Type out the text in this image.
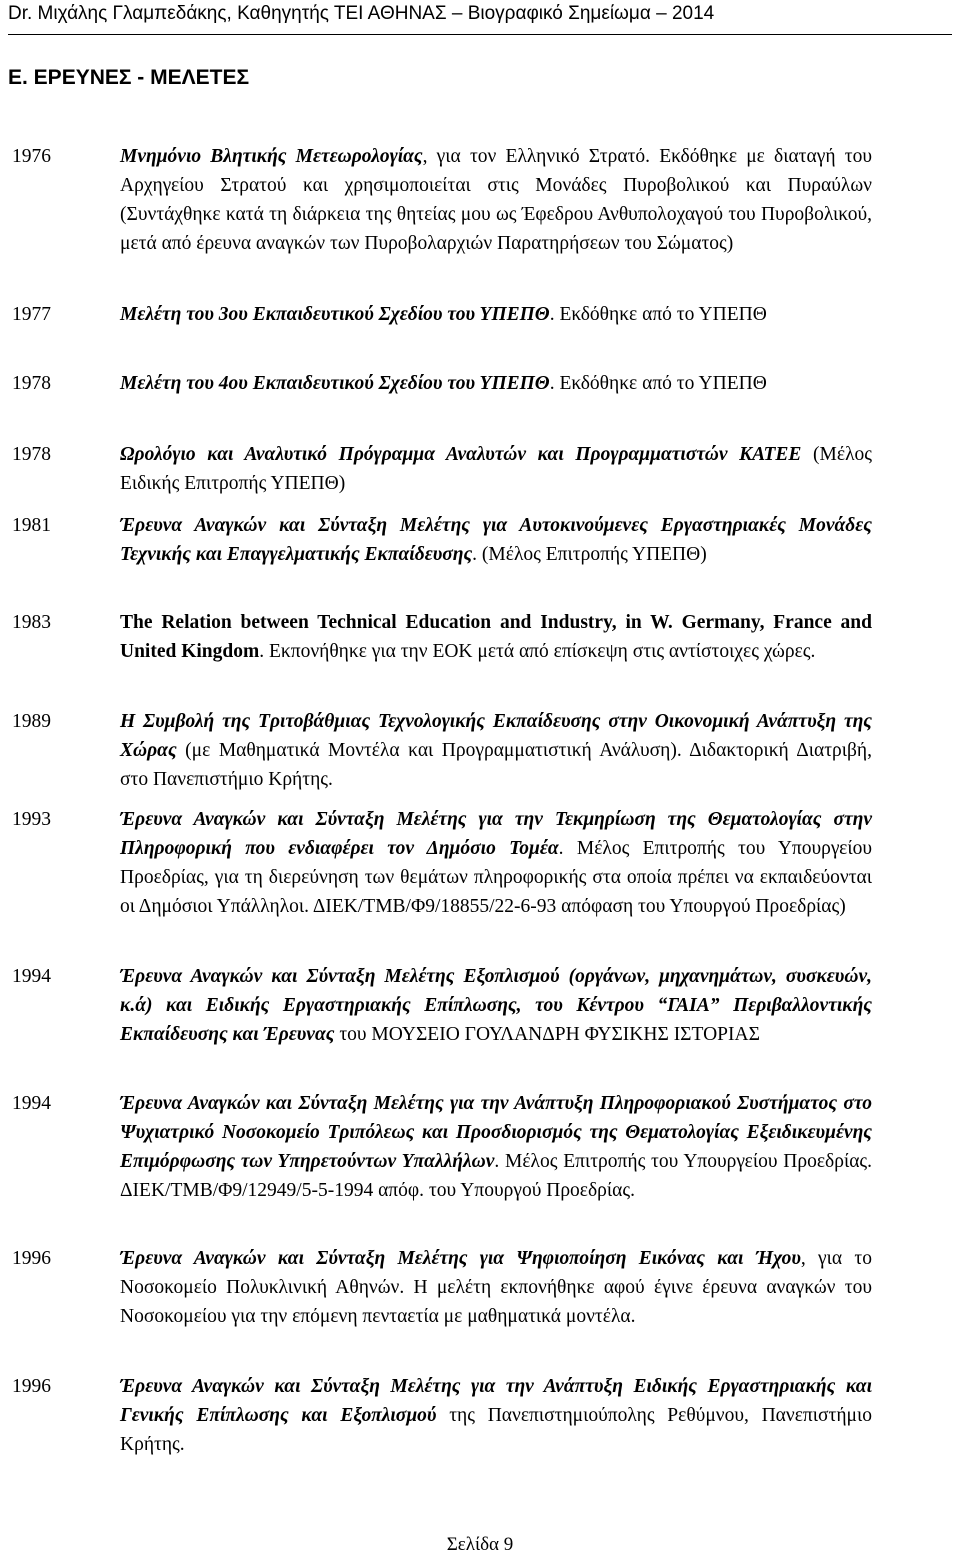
Dr. Μιχάλης Γλαμπεδάκης, Καθηγητής ΤΕΙ ΑΘΗΝΑΣ – Βιογραφικό Σημείωμα – 2014
Ε. ΕΡΕΥΝΕΣ - ΜΕΛΕΤΕΣ
1976	Μνημόνιο Βλητικής Μετεωρολογίας, για τον Ελληνικό Στρατό. Εκδόθηκε με διαταγή του Αρχηγείου Στρατού και χρησιμοποιείται στις Μονάδες Πυροβολικού και Πυραύλων (Συντάχθηκε κατά τη διάρκεια της θητείας μου ως Έφεδρου Ανθυπολοχαγού του Πυροβολικού, μετά από έρευνα αναγκών των Πυροβολαρχιών Παρατηρήσεων του Σώματος)
1977	Μελέτη του 3ου Εκπαιδευτικού Σχεδίου του ΥΠΕΠΘ. Εκδόθηκε από το ΥΠΕΠΘ
1978	Μελέτη του 4ου Εκπαιδευτικού Σχεδίου του ΥΠΕΠΘ. Εκδόθηκε από το ΥΠΕΠΘ
1978	Ωρολόγιο και Αναλυτικό Πρόγραμμα Αναλυτών και Προγραμματιστών ΚΑΤΕΕ (Μέλος Ειδικής Επιτροπής ΥΠΕΠΘ)
1981	Έρευνα Αναγκών και Σύνταξη Μελέτης για Αυτοκινούμενες Εργαστηριακές Μονάδες Τεχνικής και Επαγγελματικής Εκπαίδευσης. (Μέλος Επιτροπής ΥΠΕΠΘ)
1983	The Relation between Technical Education and Industry, in W. Germany, France and United Kingdom. Εκπονήθηκε για την ΕΟΚ μετά από επίσκεψη στις αντίστοιχες χώρες.
1989	Η Συμβολή της Τριτοβάθμιας Τεχνολογικής Εκπαίδευσης στην Οικονομική Ανάπτυξη της Χώρας (με Μαθηματικά Μοντέλα και Προγραμματιστική Ανάλυση). Διδακτορική Διατριβή, στο Πανεπιστήμιο Κρήτης.
1993	Έρευνα Αναγκών και Σύνταξη Μελέτης για την Τεκμηρίωση της Θεματολογίας στην Πληροφορική που ενδιαφέρει τον Δημόσιο Τομέα. Μέλος Επιτροπής του Υπουργείου Προεδρίας, για τη διερεύνηση των θεμάτων πληροφορικής στα οποία πρέπει να εκπαιδεύονται οι Δημόσιοι Υπάλληλοι. ΔΙΕΚ/ΤΜΒ/Φ9/18855/22-6-93 απόφαση του Υπουργού Προεδρίας)
1994	Έρευνα Αναγκών και Σύνταξη Μελέτης Εξοπλισμού (οργάνων, μηχανημάτων, συσκευών, κ.ά) και Ειδικής Εργαστηριακής Επίπλωσης, του Κέντρου “ΓΑΙΑ” Περιβαλλοντικής Εκπαίδευσης και Έρευνας του ΜΟΥΣΕΙΟ ΓΟΥΛΑΝΔΡΗ ΦΥΣΙΚΗΣ ΙΣΤΟΡΙΑΣ
1994	Έρευνα Αναγκών και Σύνταξη Μελέτης για την Ανάπτυξη Πληροφοριακού Συστήματος στο Ψυχιατρικό Νοσοκομείο Τριπόλεως και Προσδιορισμός της Θεματολογίας Εξειδικευμένης Επιμόρφωσης των Υπηρετούντων Υπαλλήλων. Μέλος Επιτροπής του Υπουργείου Προεδρίας. ΔΙΕΚ/ΤΜΒ/Φ9/12949/5-5-1994 απόφ. του Υπουργού Προεδρίας.
1996	Έρευνα Αναγκών και Σύνταξη Μελέτης για Ψηφιοποίηση Εικόνας και Ήχου, για το Νοσοκομείο Πολυκλινική Αθηνών. Η μελέτη εκπονήθηκε αφού έγινε έρευνα αναγκών του Νοσοκομείου για την επόμενη πενταετία με μαθηματικά μοντέλα.
1996	Έρευνα Αναγκών και Σύνταξη Μελέτης για την Ανάπτυξη Ειδικής Εργαστηριακής και Γενικής Επίπλωσης και Εξοπλισμού της Πανεπιστημιούπολης Ρεθύμνου, Πανεπιστήμιο Κρήτης.
Σελίδα 9
